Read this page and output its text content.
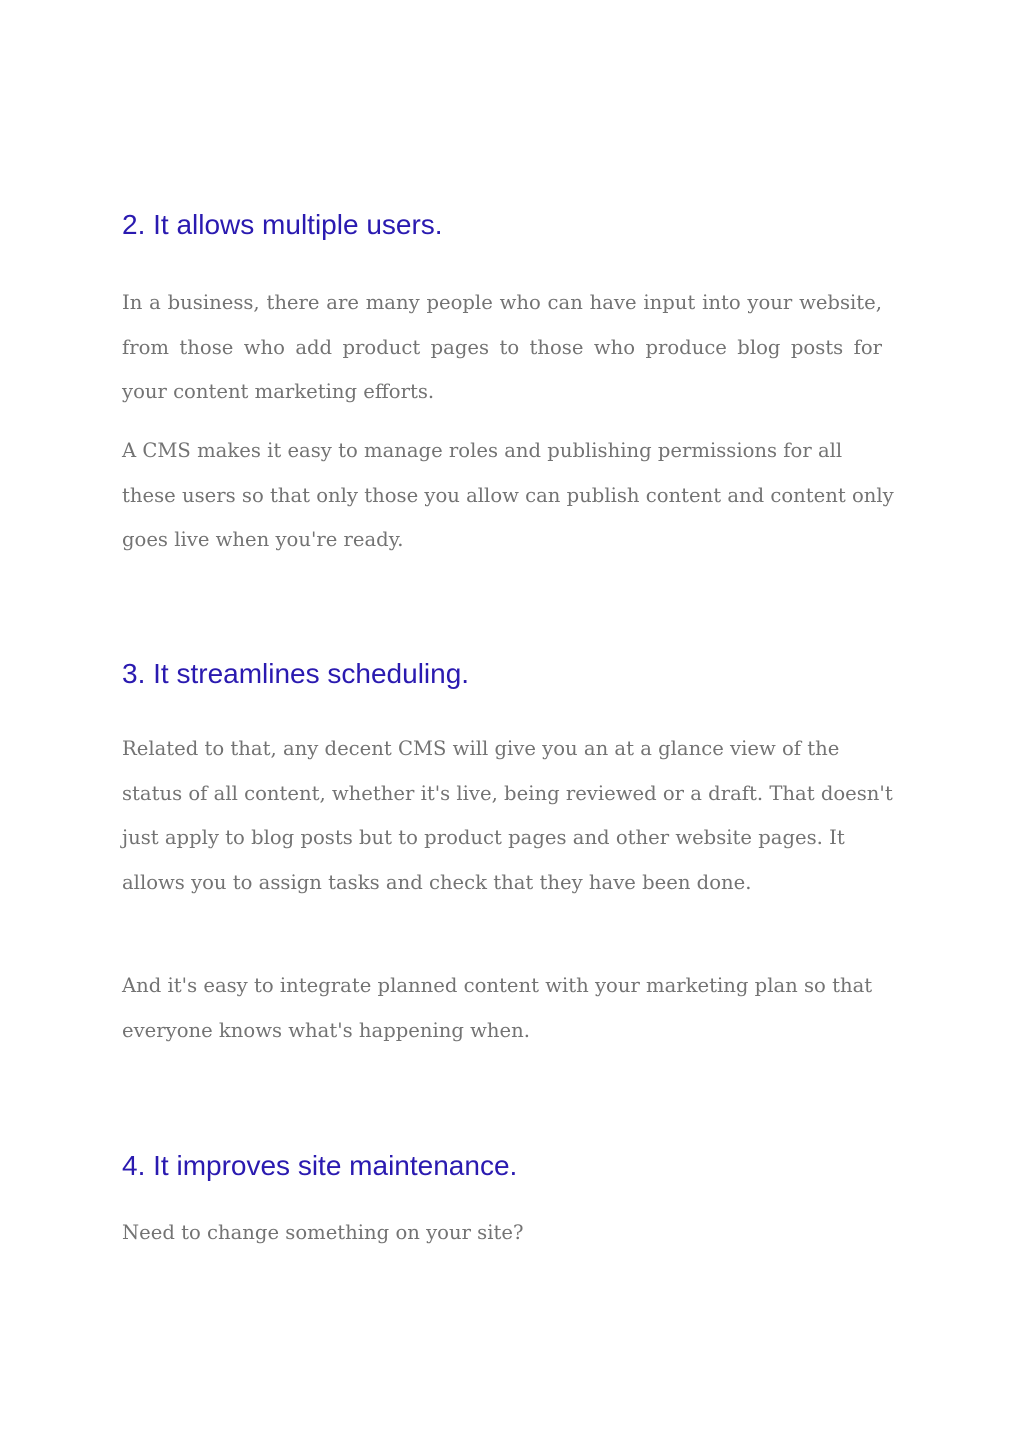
2. It allows multiple users.

In a business, there are many people who can have input into your website, from those who add product pages to those who produce blog posts for your content marketing efforts.

A CMS makes it easy to manage roles and publishing permissions for all these users so that only those you allow can publish content and content only goes live when you're ready.

3. It streamlines scheduling.

Related to that, any decent CMS will give you an at a glance view of the status of all content, whether it's live, being reviewed or a draft. That doesn't just apply to blog posts but to product pages and other website pages. It allows you to assign tasks and check that they have been done.

And it's easy to integrate planned content with your marketing plan so that everyone knows what's happening when.

4. It improves site maintenance.

Need to change something on your site?
